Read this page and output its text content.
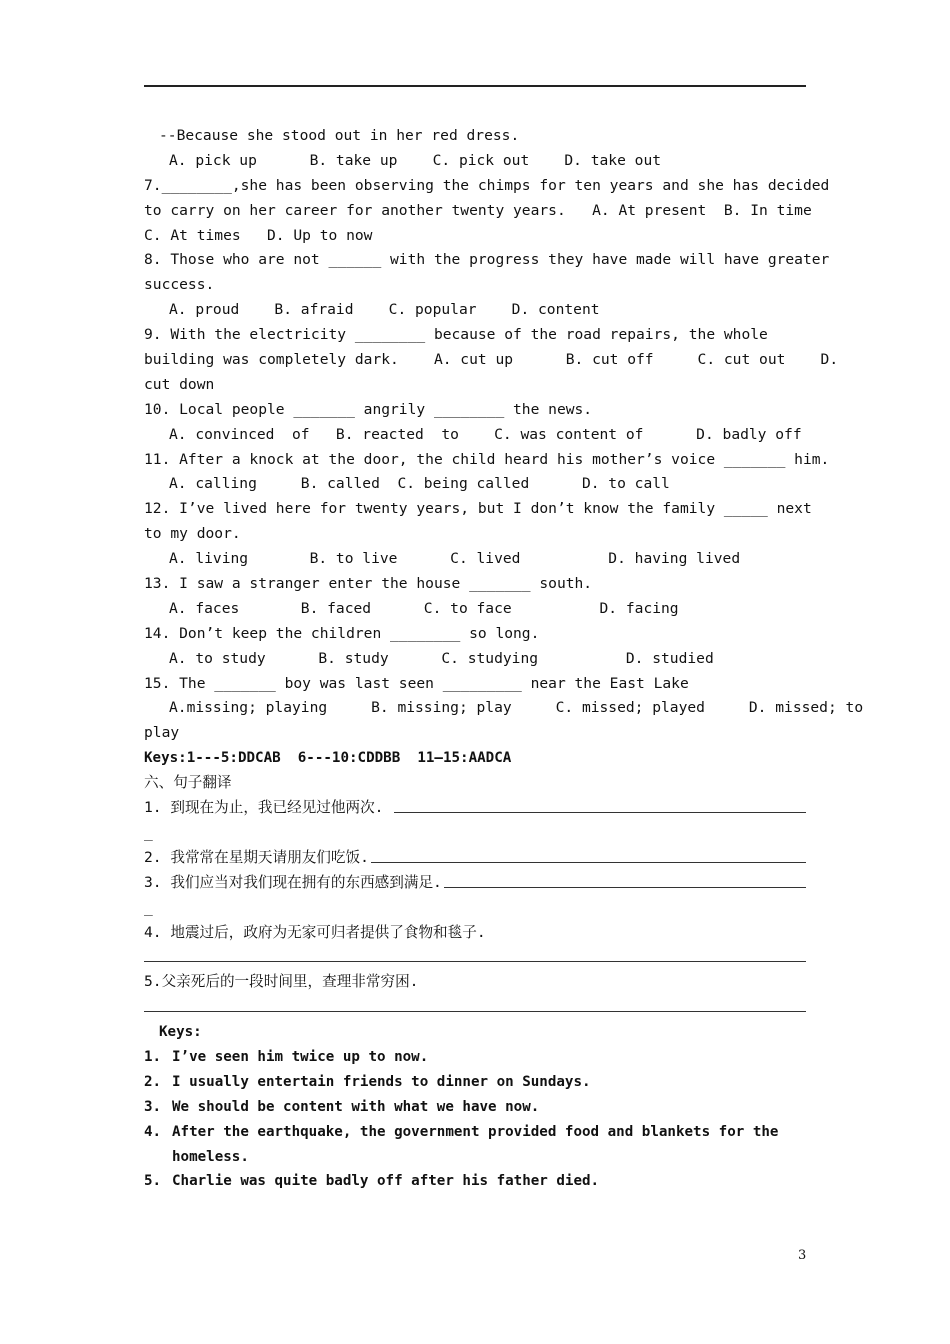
--Because she stood out in her red dress.
A. pick up      B. take up    C. pick out    D. take out
7.________,she has been observing the chimps for ten years and she has decided
to carry on her career for another twenty years.   A. At present  B. In time
C. At times   D. Up to now
8. Those who are not ______ with the progress they have made will have greater
success.
A. proud    B. afraid    C. popular    D. content
9. With the electricity ________ because of the road repairs, the whole
building was completely dark.    A. cut up      B. cut off     C. cut out    D.
cut down
10. Local people _______ angrily ________ the news.
A. convinced  of   B. reacted  to    C. was content of      D. badly off
11. After a knock at the door, the child heard his mother’s voice _______ him.
A. calling     B. called  C. being called      D. to call
12. I’ve lived here for twenty years, but I don’t know the family _____ next
to my door.
A. living       B. to live      C. lived          D. having lived
13. I saw a stranger enter the house _______ south.
A. faces       B. faced      C. to face          D. facing
14. Don’t keep the children ________ so long.
A. to study      B. study      C. studying          D. studied
15. The _______ boy was last seen _________ near the East Lake
A.missing; playing     B. missing; play     C. missed; played     D. missed; to
play
Keys:1---5:DDCAB  6---10:CDDBB  11—15:AADCA
六、句子翻译
1. 到现在为止，我已经见过他两次.
_
2. 我常常在星期天请朋友们吃饭.
3. 我们应当对我们现在拥有的东西感到满足.
_
4. 地震过后，政府为无家可归者提供了食物和毯子.
5.父亲死后的一段时间里，查理非常穷困.
Keys:
1. I’ve seen him twice up to now.
2. I usually entertain friends to dinner on Sundays.
3. We should be content with what we have now.
4. After the earthquake, the government provided food and blankets for the
homeless.
5. Charlie was quite badly off after his father died.
3
